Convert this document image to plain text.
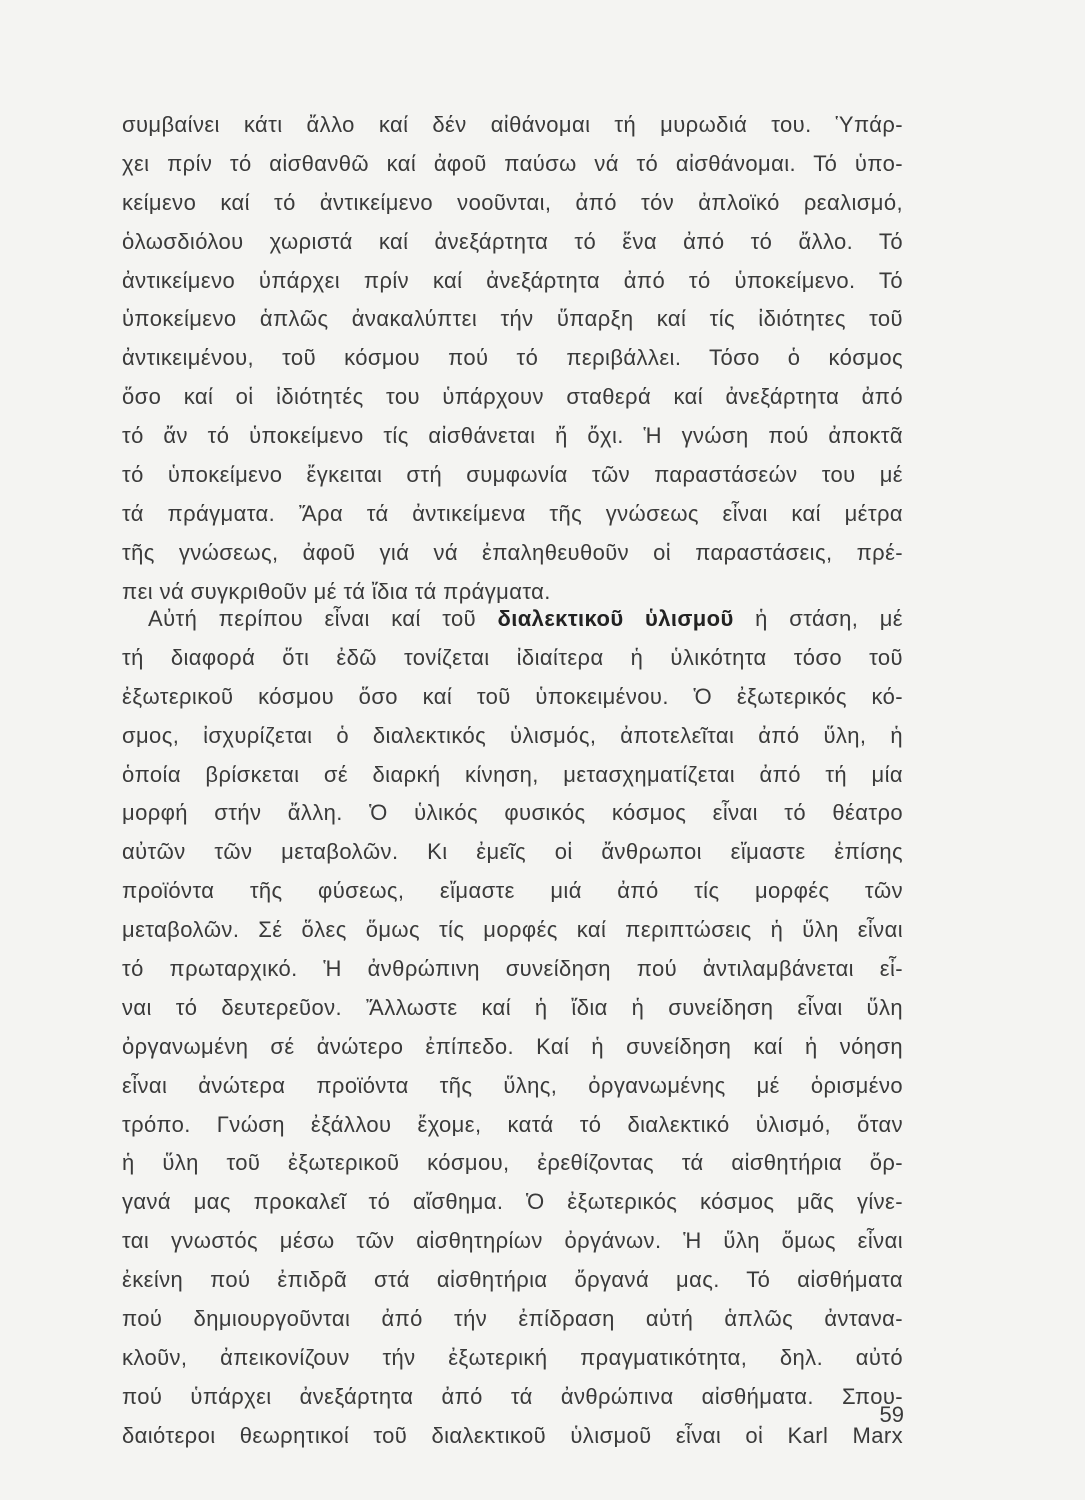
συμβαίνει κάτι ἄλλο καί δέν αἰθάνομαι τή μυρωδιά του. Ὑπάρ-
χει πρίν τό αἰσθανθῶ καί ἀφοῦ παύσω νά τό αἰσθάνομαι. Τό ὑπο-
κείμενο καί τό ἀντικείμενο νοοῦνται, ἀπό τόν ἀπλοϊκό ρεαλισμό,
ὁλωσδιόλου χωριστά καί ἀνεξάρτητα τό ἕνα ἀπό τό ἄλλο. Τό
ἀντικείμενο ὑπάρχει πρίν καί ἀνεξάρτητα ἀπό τό ὑποκείμενο. Τό
ὑποκείμενο ἁπλῶς ἀνακαλύπτει τήν ὕπαρξη καί τίς ἰδιότητες τοῦ
ἀντικειμένου, τοῦ κόσμου πού τό περιβάλλει. Τόσο ὁ κόσμος
ὅσο καί οἱ ἰδιότητές του ὑπάρχουν σταθερά καί ἀνεξάρτητα ἀπό
τό ἄν τό ὑποκείμενο τίς αἰσθάνεται ἤ ὄχι. Ἡ γνώση πού ἀποκτᾶ
τό ὑποκείμενο ἔγκειται στή συμφωνία τῶν παραστάσεών του μέ
τά πράγματα. Ἄρα τά ἀντικείμενα τῆς γνώσεως εἶναι καί μέτρα
τῆς γνώσεως, ἀφοῦ γιά νά ἐπαληθευθοῦν οἱ παραστάσεις, πρέ-
πει νά συγκριθοῦν μέ τά ἴδια τά πράγματα.
Αὐτή περίπου εἶναι καί τοῦ διαλεκτικοῦ ὑλισμοῦ ἡ στάση, μέ
τή διαφορά ὅτι ἐδῶ τονίζεται ἰδιαίτερα ἡ ὑλικότητα τόσο τοῦ
ἐξωτερικοῦ κόσμου ὅσο καί τοῦ ὑποκειμένου. Ὁ ἐξωτερικός κό-
σμος, ἰσχυρίζεται ὁ διαλεκτικός ὑλισμός, ἀποτελεῖται ἀπό ὕλη, ἡ
ὁποία βρίσκεται σέ διαρκή κίνηση, μετασχηματίζεται ἀπό τή μία
μορφή στήν ἄλλη. Ὁ ὑλικός φυσικός κόσμος εἶναι τό θέατρο
αὐτῶν τῶν μεταβολῶν. Κι ἐμεῖς οἱ ἄνθρωποι εἴμαστε ἐπίσης
προϊόντα τῆς φύσεως, εἴμαστε μιά ἀπό τίς μορφές τῶν
μεταβολῶν. Σέ ὅλες ὅμως τίς μορφές καί περιπτώσεις ἡ ὕλη εἶναι
τό πρωταρχικό. Ἡ ἀνθρώπινη συνείδηση πού ἀντιλαμβάνεται εἶ-
ναι τό δευτερεῦον. Ἄλλωστε καί ἡ ἴδια ἡ συνείδηση εἶναι ὕλη
ὀργανωμένη σέ ἀνώτερο ἐπίπεδο. Καί ἡ συνείδηση καί ἡ νόηση
εἶναι ἀνώτερα προϊόντα τῆς ὕλης, ὀργανωμένης μέ ὁρισμένο
τρόπο. Γνώση ἐξάλλου ἔχομε, κατά τό διαλεκτικό ὑλισμό, ὅταν
ἡ ὕλη τοῦ ἐξωτερικοῦ κόσμου, ἐρεθίζοντας τά αἰσθητήρια ὄρ-
γανά μας προκαλεῖ τό αἴσθημα. Ὁ ἐξωτερικός κόσμος μᾶς γίνε-
ται γνωστός μέσω τῶν αἰσθητηρίων ὀργάνων. Ἡ ὕλη ὅμως εἶναι
ἐκείνη πού ἐπιδρᾶ στά αἰσθητήρια ὄργανά μας. Τό αἰσθήματα
πού δημιουργοῦνται ἀπό τήν ἐπίδραση αὐτή ἁπλῶς ἀντανα-
κλοῦν, ἀπεικονίζουν τήν ἐξωτερική πραγματικότητα, δηλ. αὐτό
πού ὑπάρχει ἀνεξάρτητα ἀπό τά ἀνθρώπινα αἰσθήματα. Σπου-
δαιότεροι θεωρητικοί τοῦ διαλεκτικοῦ ὑλισμοῦ εἶναι οἱ Karl Marx
59
